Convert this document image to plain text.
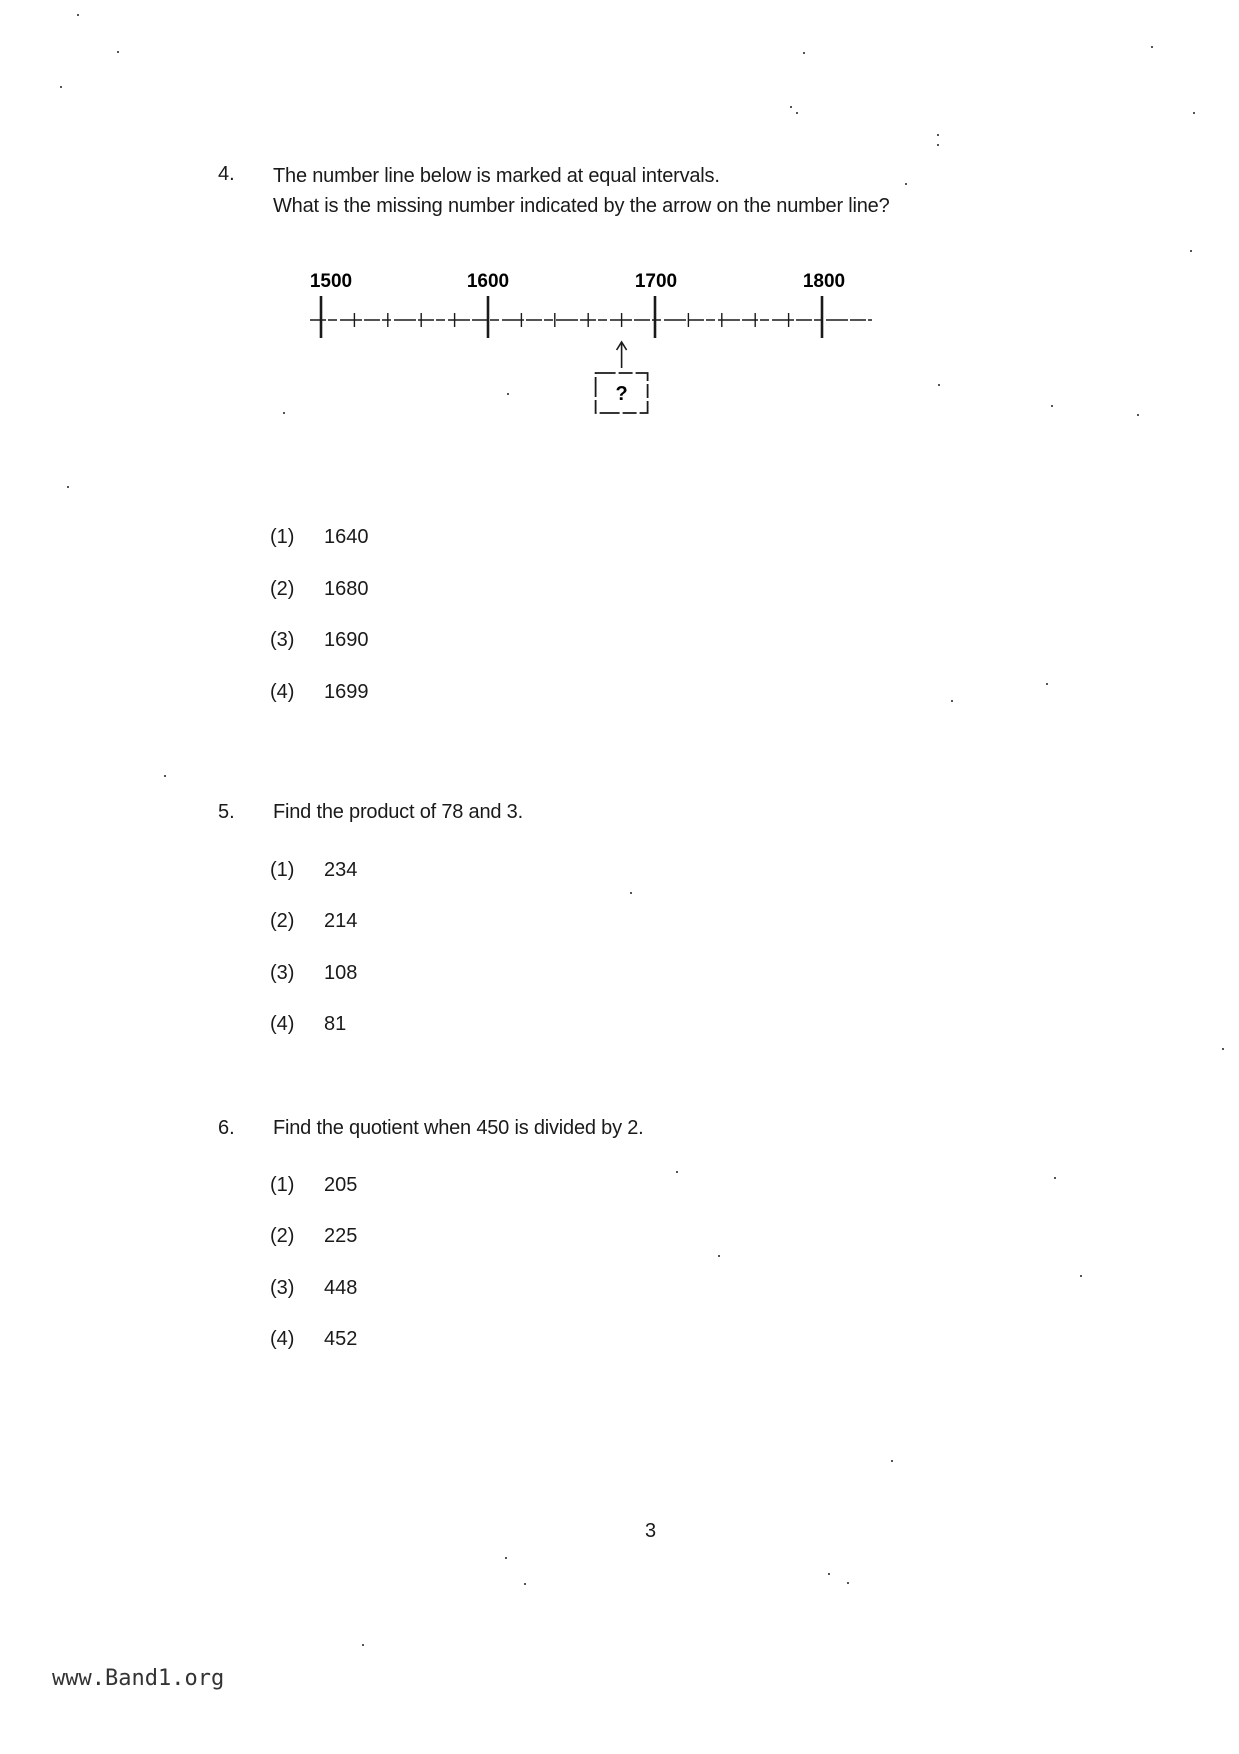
4. The number line below is marked at equal intervals.
What is the missing number indicated by the arrow on the number line?
1500	1600	1700	1800
?
(1) 1640
(2) 1680
(3) 1690
(4) 1699
5. Find the product of 78 and 3.
(1) 234
(2) 214
(3) 108
(4) 81
6. Find the quotient when 450 is divided by 2.
(1) 205
(2) 225
(3) 448
(4) 452
3
www.Band1.org
